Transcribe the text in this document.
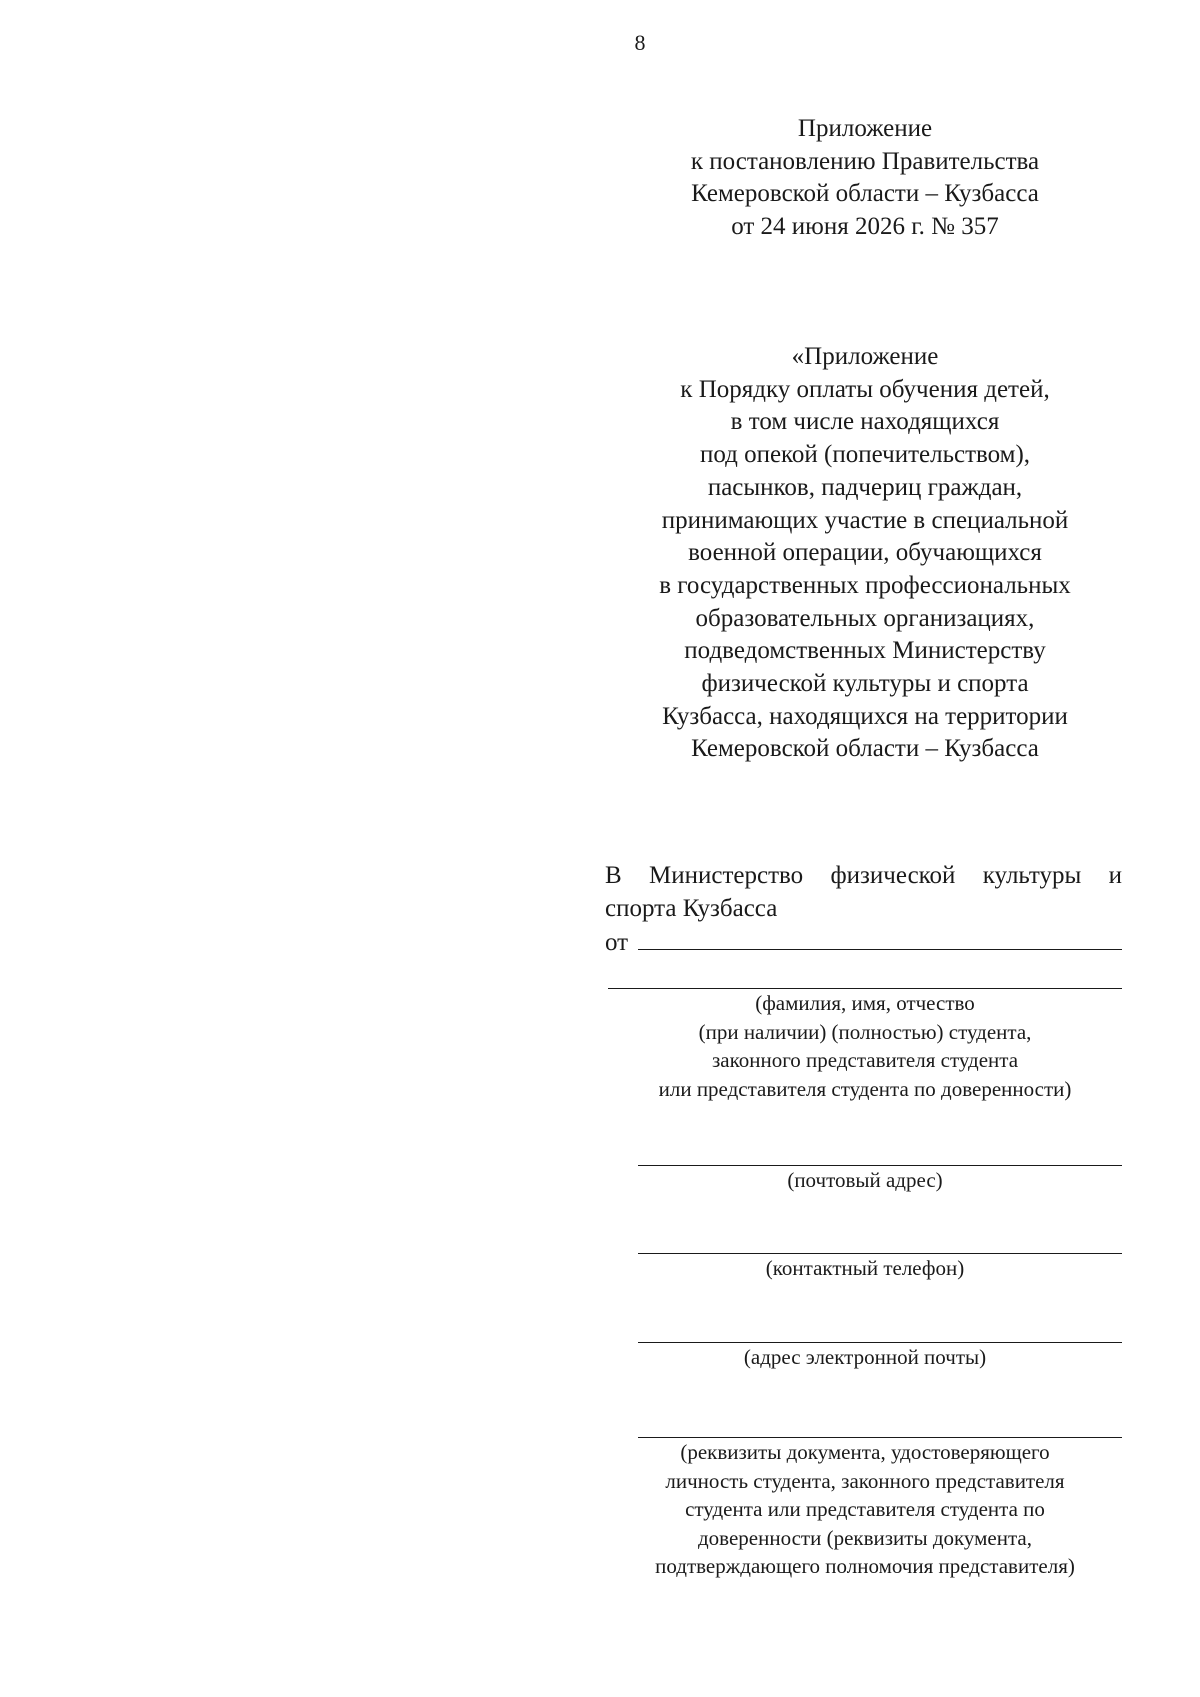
8
Приложение
к постановлению Правительства
Кемеровской области – Кузбасса
от 24 июня 2026 г. № 357
«Приложение
к Порядку оплаты обучения детей,
в том числе находящихся
под опекой (попечительством),
пасынков, падчериц граждан,
принимающих участие в специальной
военной операции, обучающихся
в государственных профессиональных
образовательных организациях,
подведомственных Министерству
физической культуры и спорта
Кузбасса, находящихся на территории
Кемеровской области – Кузбасса
В Министерство физической культуры и
спорта Кузбасса
от
(фамилия, имя, отчество
(при наличии) (полностью) студента,
законного представителя студента
или представителя студента по доверенности)
(почтовый адрес)
(контактный телефон)
(адрес электронной почты)
(реквизиты документа, удостоверяющего
личность студента, законного представителя
студента или представителя студента по
доверенности (реквизиты документа,
подтверждающего полномочия представителя)
